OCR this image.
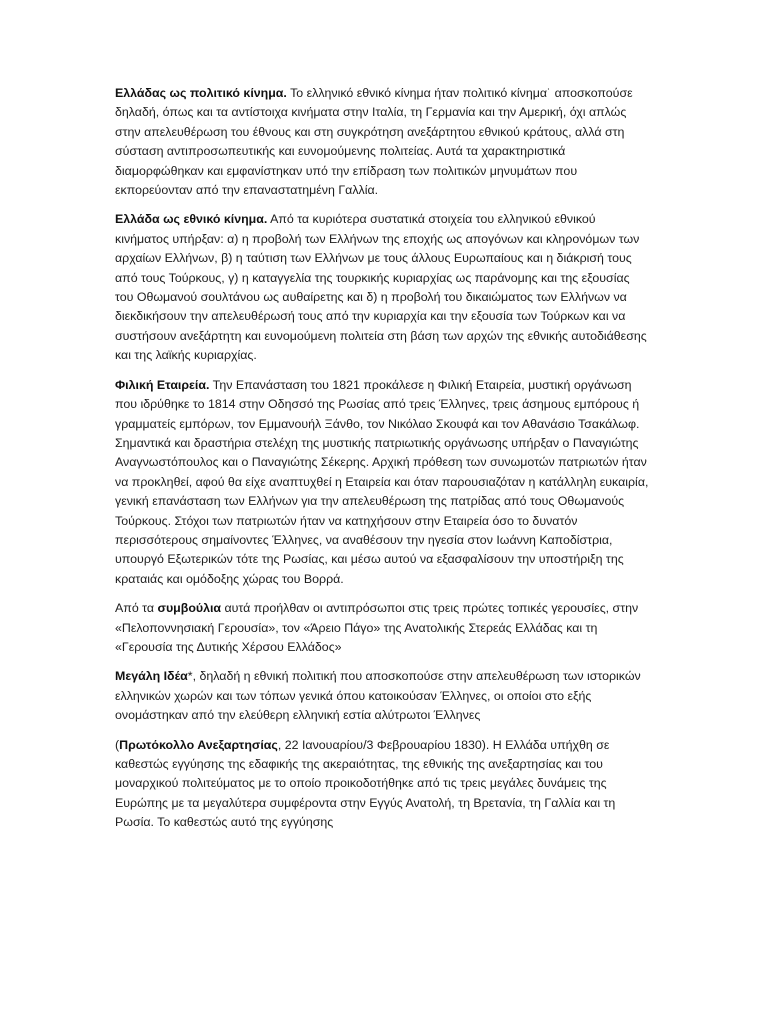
Ελλάδας ως πολιτικό κίνημα. Το ελληνικό εθνικό κίνημα ήταν πολιτικό κίνημα˙ αποσκοπούσε δηλαδή, όπως και τα αντίστοιχα κινήματα στην Ιταλία, τη Γερμανία και την Αμερική, όχι απλώς στην απελευθέρωση του έθνους και στη συγκρότηση ανεξάρτητου εθνικού κράτους, αλλά στη σύσταση αντιπροσωπευτικής και ευνομούμενης πολιτείας. Αυτά τα χαρακτηριστικά διαμορφώθηκαν και εμφανίστηκαν υπό την επίδραση των πολιτικών μηνυμάτων που εκπορεύονταν από την επαναστατημένη Γαλλία.

Ελλάδα ως εθνικό κίνημα. Από τα κυριότερα συστατικά στοιχεία του ελληνικού εθνικού κινήματος υπήρξαν: α) η προβολή των Ελλήνων της εποχής ως απογόνων και κληρονόμων των αρχαίων Ελλήνων, β) η ταύτιση των Ελλήνων με τους άλλους Ευρωπαίους και η διάκρισή τους από τους Τούρκους, γ) η καταγγελία της τουρκικής κυριαρχίας ως παράνομης και της εξουσίας του Οθωμανού σουλτάνου ως αυθαίρετης και δ) η προβολή του δικαιώματος των Ελλήνων να διεκδικήσουν την απελευθέρωσή τους από την κυριαρχία και την εξουσία των Τούρκων και να συστήσουν ανεξάρτητη και ευνομούμενη πολιτεία στη βάση των αρχών της εθνικής αυτοδιάθεσης και της λαϊκής κυριαρχίας.

Φιλική Εταιρεία. Την Επανάσταση του 1821 προκάλεσε η Φιλική Εταιρεία, μυστική οργάνωση που ιδρύθηκε το 1814 στην Οδησσό της Ρωσίας από τρεις Έλληνες, τρεις άσημους εμπόρους ή γραμματείς εμπόρων, τον Εμμανουήλ Ξάνθο, τον Νικόλαο Σκουφά και τον Αθανάσιο Τσακάλωφ. Σημαντικά και δραστήρια στελέχη της μυστικής πατριωτικής οργάνωσης υπήρξαν ο Παναγιώτης Αναγνωστόπουλος και ο Παναγιώτης Σέκερης. Αρχική πρόθεση των συνωμοτών πατριωτών ήταν να προκληθεί, αφού θα είχε αναπτυχθεί η Εταιρεία και όταν παρουσιαζόταν η κατάλληλη ευκαιρία, γενική επανάσταση των Ελλήνων για την απελευθέρωση της πατρίδας από τους Οθωμανούς Τούρκους. Στόχοι των πατριωτών ήταν να κατηχήσουν στην Εταιρεία όσο το δυνατόν περισσότερους σημαίνοντες Έλληνες, να αναθέσουν την ηγεσία στον Ιωάννη Καποδίστρια, υπουργό Εξωτερικών τότε της Ρωσίας, και μέσω αυτού να εξασφαλίσουν την υποστήριξη της κραταιάς και ομόδοξης χώρας του Βορρά.

Από τα συμβούλια αυτά προήλθαν οι αντιπρόσωποι στις τρεις πρώτες τοπικές γερουσίες, στην «Πελοποννησιακή Γερουσία», τον «Άρειο Πάγο» της Ανατολικής Στερεάς Ελλάδας και τη «Γερουσία της Δυτικής Χέρσου Ελλάδος»

Μεγάλη Ιδέα*, δηλαδή η εθνική πολιτική που αποσκοπούσε στην απελευθέρωση των ιστορικών ελληνικών χωρών και των τόπων γενικά όπου κατοικούσαν Έλληνες, οι οποίοι στο εξής ονομάστηκαν από την ελεύθερη ελληνική εστία αλύτρωτοι Έλληνες

(Πρωτόκολλο Ανεξαρτησίας, 22 Ιανουαρίου/3 Φεβρουαρίου 1830). Η Ελλάδα υπήχθη σε καθεστώς εγγύησης της εδαφικής της ακεραιότητας, της εθνικής της ανεξαρτησίας και του μοναρχικού πολιτεύματος με το οποίο προικοδοτήθηκε από τις τρεις μεγάλες δυνάμεις της Ευρώπης με τα μεγαλύτερα συμφέροντα στην Εγγύς Ανατολή, τη Βρετανία, τη Γαλλία και τη Ρωσία. Το καθεστώς αυτό της εγγύησης
